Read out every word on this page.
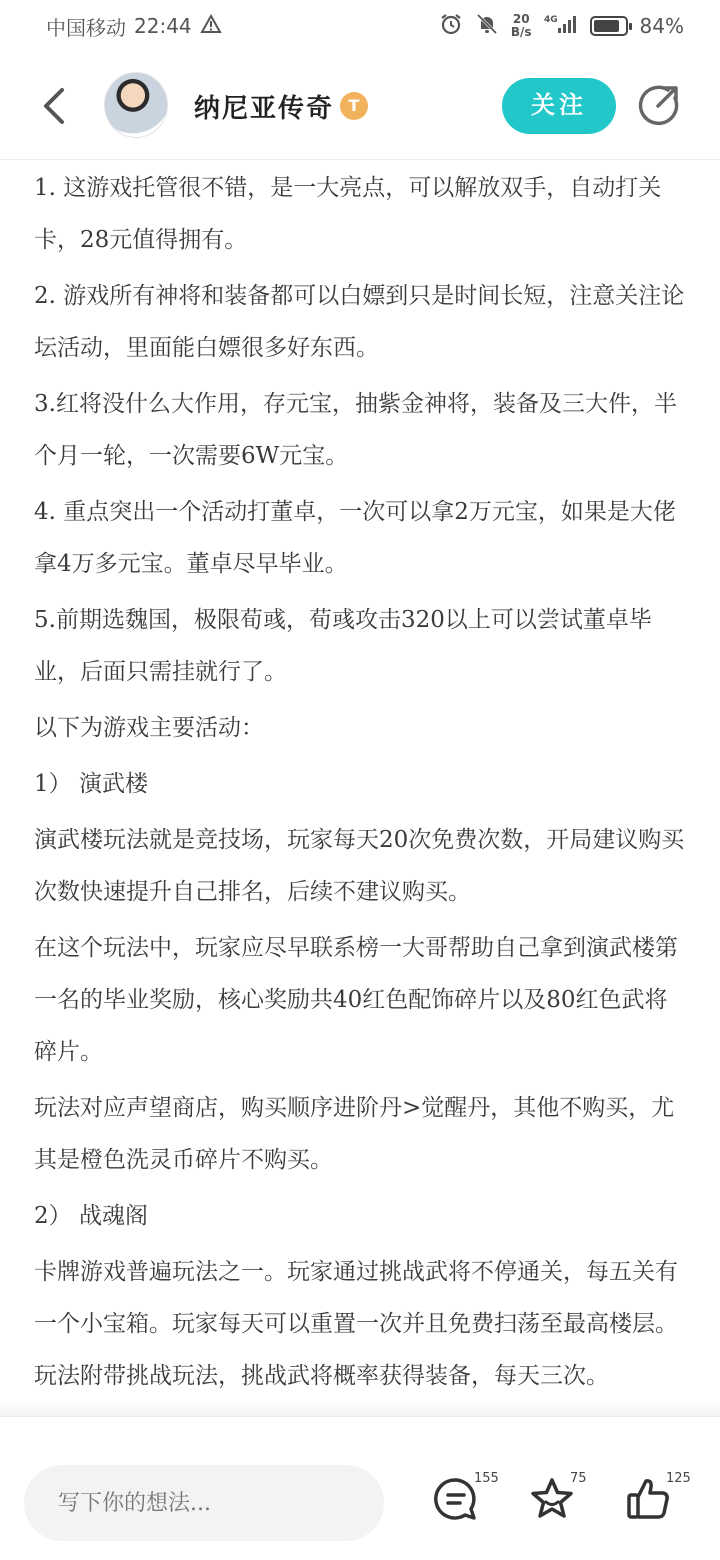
中国移动 22:44	20
B/s
4G	84%
纳尼亚传奇 T	关注

1. 这游戏托管很不错，是一大亮点，可以解放双手，自动打关卡，28元值得拥有。

2. 游戏所有神将和装备都可以白嫖到只是时间长短，注意关注论坛活动，里面能白嫖很多好东西。

3.红将没什么大作用，存元宝，抽紫金神将，装备及三大件，半个月一轮，一次需要6W元宝。

4. 重点突出一个活动打董卓，一次可以拿2万元宝，如果是大佬拿4万多元宝。董卓尽早毕业。

5.前期选魏国，极限荀彧，荀彧攻击320以上可以尝试董卓毕业，后面只需挂就行了。

以下为游戏主要活动：

1） 演武楼

演武楼玩法就是竞技场，玩家每天20次免费次数，开局建议购买次数快速提升自己排名，后续不建议购买。

在这个玩法中，玩家应尽早联系榜一大哥帮助自己拿到演武楼第一名的毕业奖励，核心奖励共40红色配饰碎片以及80红色武将碎片。

玩法对应声望商店，购买顺序进阶丹>觉醒丹，其他不购买，尤其是橙色洗灵币碎片不购买。

2） 战魂阁

卡牌游戏普遍玩法之一。玩家通过挑战武将不停通关，每五关有一个小宝箱。玩家每天可以重置一次并且免费扫荡至最高楼层。玩法附带挑战玩法，挑战武将概率获得装备，每天三次。

写下你的想法...
155	75	125
